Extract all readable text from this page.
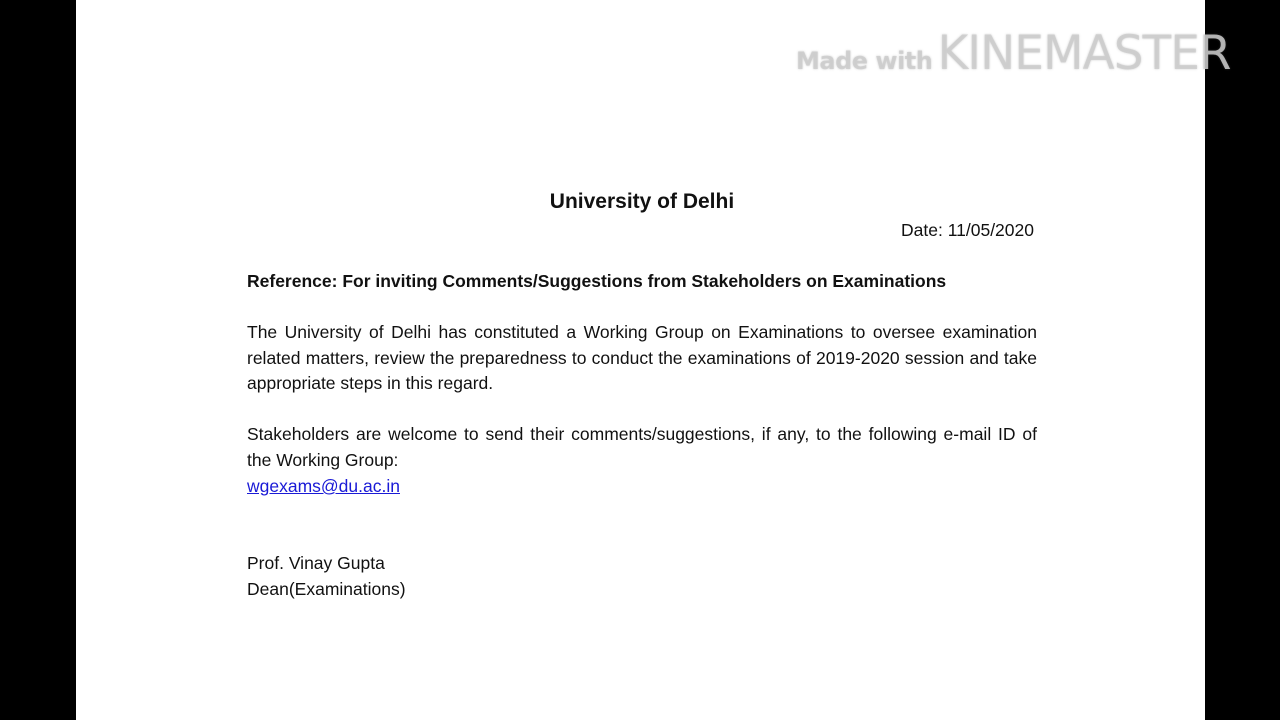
University of Delhi
Date: 11/05/2020
Reference: For inviting Comments/Suggestions from Stakeholders on Examinations
The University of Delhi has constituted a Working Group on Examinations to oversee examination related matters, review the preparedness to conduct the examinations of 2019-2020 session and take appropriate steps in this regard.
Stakeholders are welcome to send their comments/suggestions, if any, to the following e-mail ID of the Working Group:
wgexams@du.ac.in
Prof. Vinay Gupta
Dean(Examinations)
Made with KINEMASTER
